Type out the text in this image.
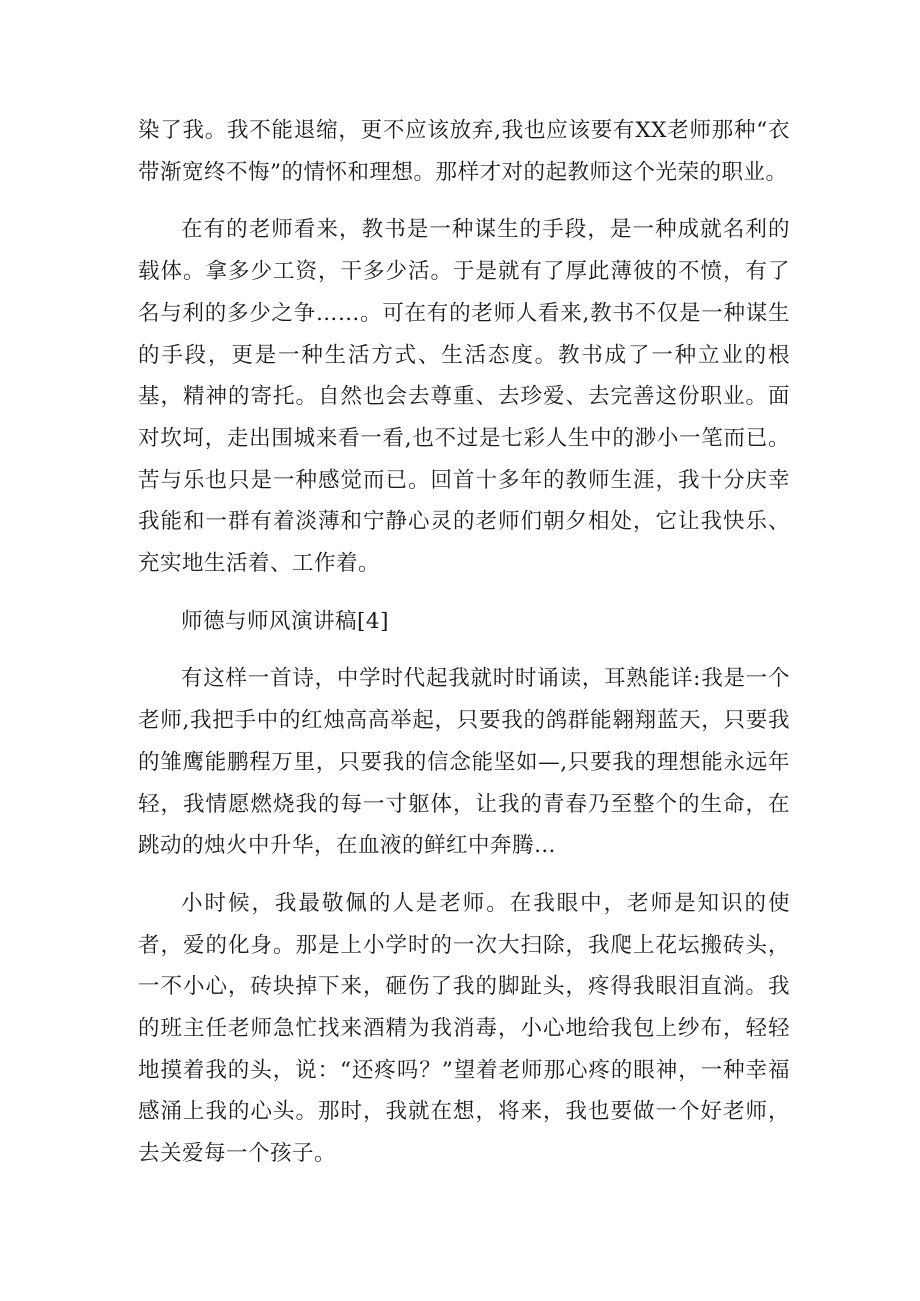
染了我。我不能退缩，更不应该放弃,我也应该要有XX老师那种“衣带渐宽终不悔”的情怀和理想。那样才对的起教师这个光荣的职业。

在有的老师看来，教书是一种谋生的手段，是一种成就名利的载体。拿多少工资，干多少活。于是就有了厚此薄彼的不愤，有了名与利的多少之争……。可在有的老师人看来,教书不仅是一种谋生的手段，更是一种生活方式、生活态度。教书成了一种立业的根基，精神的寄托。自然也会去尊重、去珍爱、去完善这份职业。面对坎坷，走出围城来看一看,也不过是七彩人生中的渺小一笔而已。苦与乐也只是一种感觉而已。回首十多年的教师生涯，我十分庆幸我能和一群有着淡薄和宁静心灵的老师们朝夕相处，它让我快乐、充实地生活着、工作着。

师德与师风演讲稿[4]

有这样一首诗，中学时代起我就时时诵读，耳熟能详:我是一个老师,我把手中的红烛高高举起，只要我的鸽群能翱翔蓝天，只要我的雏鹰能鹏程万里，只要我的信念能坚如—,只要我的理想能永远年轻，我情愿燃烧我的每一寸躯体，让我的青春乃至整个的生命，在跳动的烛火中升华，在血液的鲜红中奔腾…

小时候，我最敬佩的人是老师。在我眼中，老师是知识的使者，爱的化身。那是上小学时的一次大扫除，我爬上花坛搬砖头，一不小心，砖块掉下来，砸伤了我的脚趾头，疼得我眼泪直淌。我的班主任老师急忙找来酒精为我消毒，小心地给我包上纱布，轻轻地摸着我的头，说：“还疼吗？”望着老师那心疼的眼神，一种幸福感涌上我的心头。那时，我就在想，将来，我也要做一个好老师，去关爱每一个孩子。
